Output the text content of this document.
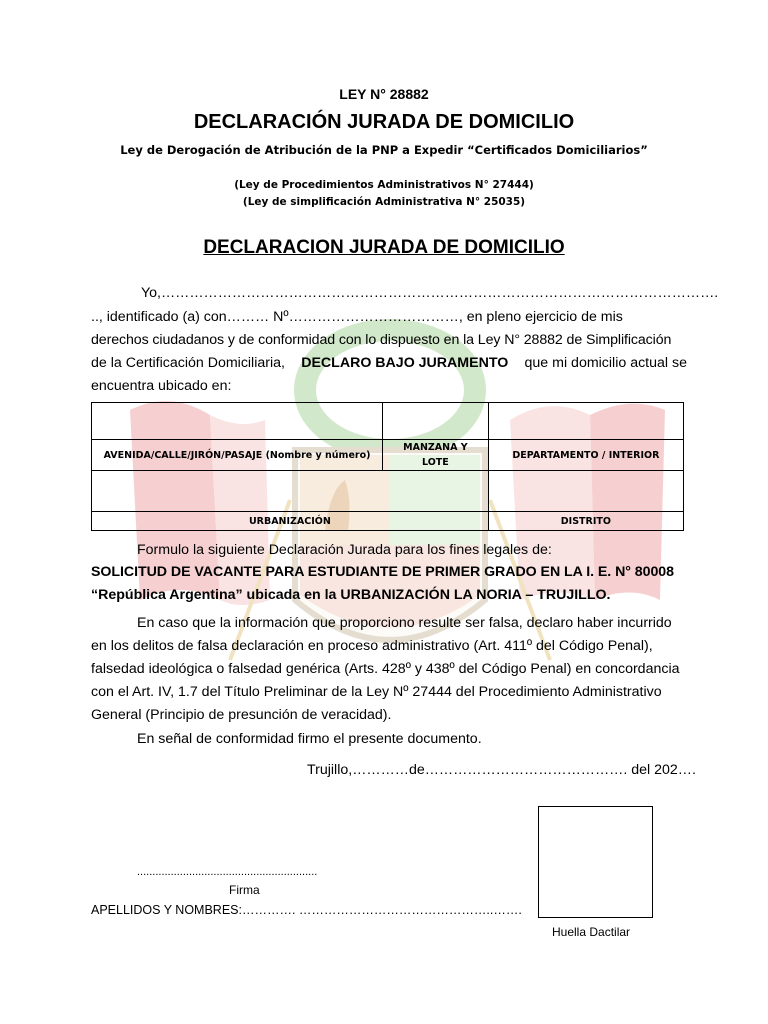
LEY N° 28882
DECLARACIÓN JURADA DE DOMICILIO
Ley de Derogación de Atribución de la PNP a Expedir “Certificados Domiciliarios”
(Ley de Procedimientos Administrativos N° 27444)
(Ley de simplificación Administrativa N° 25035)
DECLARACION JURADA DE DOMICILIO
Yo,……………………………………………………………………………………………………….
.., identificado (a) con……… Nº………………………………, en pleno ejercicio de mis
derechos ciudadanos y de conformidad con lo dispuesto en la Ley N° 28882 de Simplificación
de la Certificación Domiciliaria, DECLARO BAJO JURAMENTO que mi domicilio actual se
encuentra ubicado en:

AVENIDA/CALLE/JIRÓN/PASAJE (Nombre y número)	MANZANA Y LOTE	DEPARTAMENTO / INTERIOR

URBANIZACIÓN		DISTRITO
Formulo la siguiente Declaración Jurada para los fines legales de:
SOLICITUD DE VACANTE PARA ESTUDIANTE DE PRIMER GRADO EN LA I. E. N° 80008
“República Argentina” ubicada en la URBANIZACIÓN LA NORIA – TRUJILLO.
En caso que la información que proporciono resulte ser falsa, declaro haber incurrido
en los delitos de falsa declaración en proceso administrativo (Art. 411º del Código Penal),
falsedad ideológica o falsedad genérica (Arts. 428º y 438º del Código Penal) en concordancia
con el Art. IV, 1.7 del Título Preliminar de la Ley Nº 27444 del Procedimiento Administrativo
General (Principio de presunción de veracidad).
En señal de conformidad firmo el presente documento.
Trujillo,…………de……………………………………. del 202….
...........................................................
Firma
APELLIDOS Y NOMBRES:…………. ………………………………………..…….
Huella Dactilar
